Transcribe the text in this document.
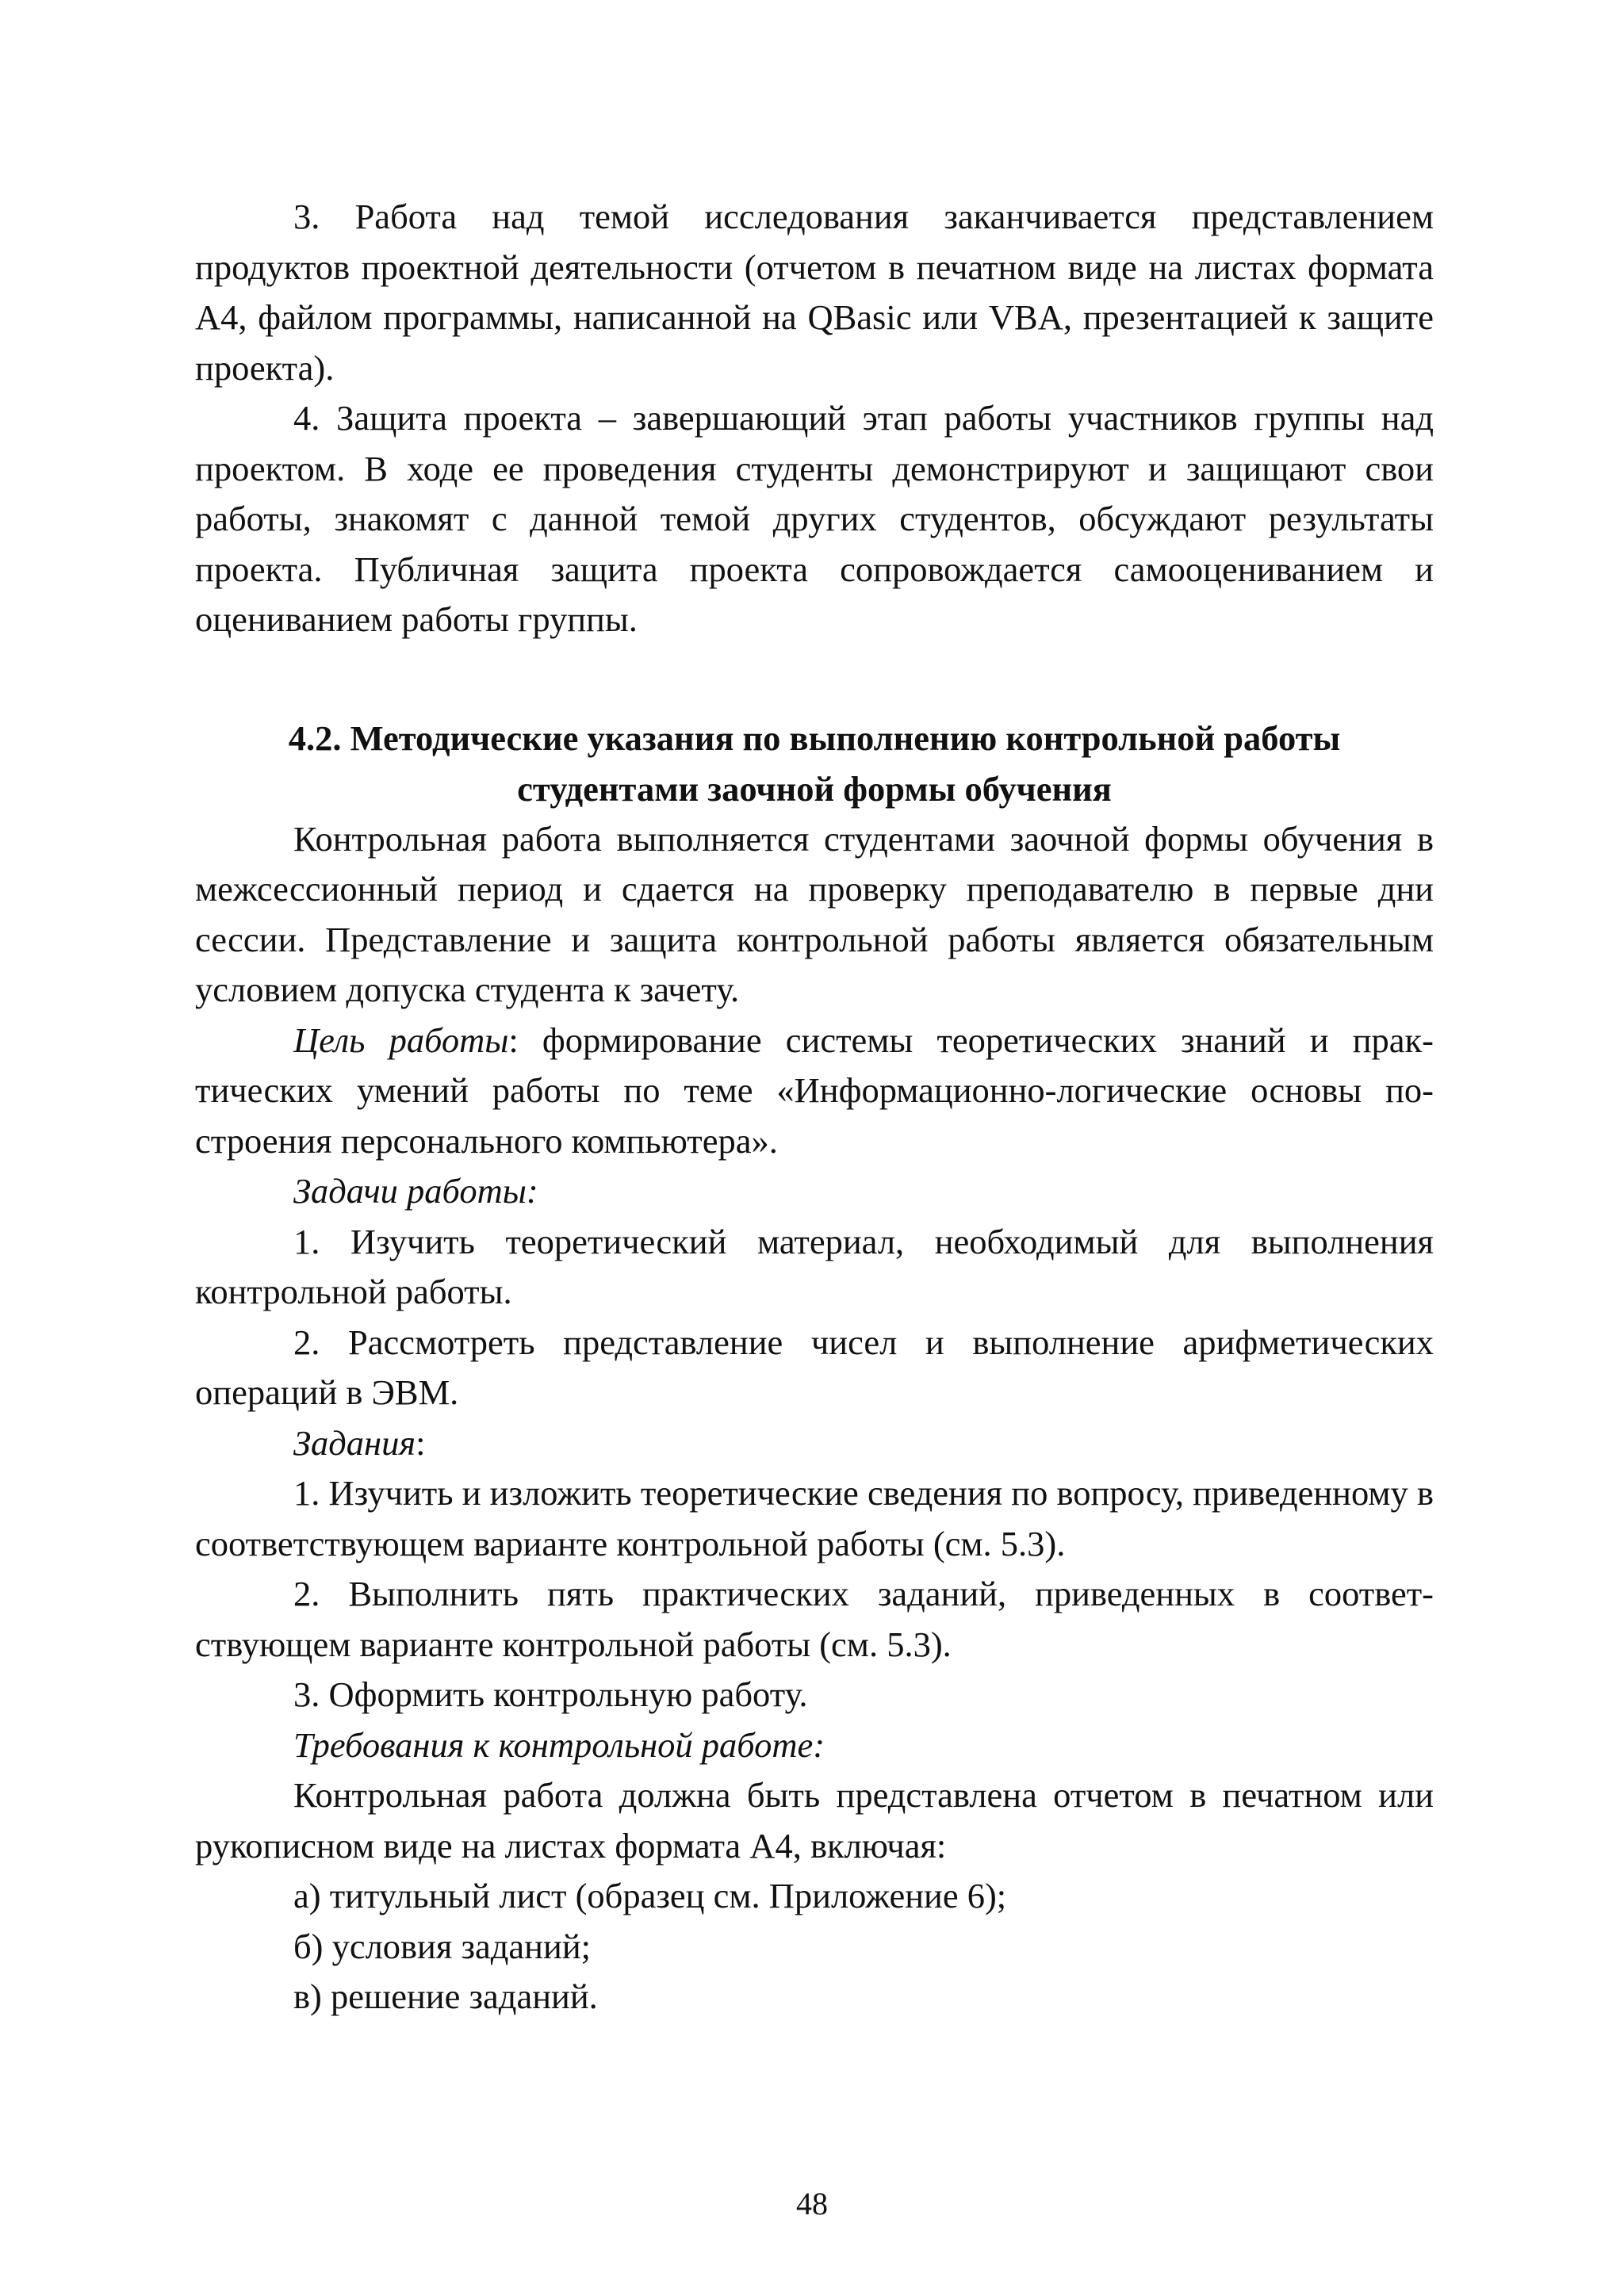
3. Работа над темой исследования заканчивается представлением продуктов проектной деятельности (отчетом в печатном виде на листах формата А4, файлом программы, написанной на QBasic или VBA, презентацией к защите проекта).

4. Защита проекта – завершающий этап работы участников группы над проектом. В ходе ее проведения студенты демонстрируют и защищают свои работы, знакомят с данной темой других студентов, обсуждают результаты проекта. Публичная защита проекта сопровождается самооцениванием и оцениванием работы группы.

4.2. Методические указания по выполнению контрольной работы
студентами заочной формы обучения

Контрольная работа выполняется студентами заочной формы обучения в межсессионный период и сдается на проверку преподавателю в первые дни сессии. Представление и защита контрольной работы является обязательным условием допуска студента к зачету.

Цель работы: формирование системы теоретических знаний и практических умений работы по теме «Информационно-логические основы построения персонального компьютера».

Задачи работы:

1. Изучить теоретический материал, необходимый для выполнения контрольной работы.

2. Рассмотреть представление чисел и выполнение арифметических операций в ЭВМ.

Задания:

1. Изучить и изложить теоретические сведения по вопросу, приведенному в соответствующем варианте контрольной работы (см. 5.3).

2. Выполнить пять практических заданий, приведенных в соответствующем варианте контрольной работы (см. 5.3).

3. Оформить контрольную работу.

Требования к контрольной работе:

Контрольная работа должна быть представлена отчетом в печатном или рукописном виде на листах формата А4, включая:

а) титульный лист (образец см. Приложение 6);

б) условия заданий;

в) решение заданий.

48
